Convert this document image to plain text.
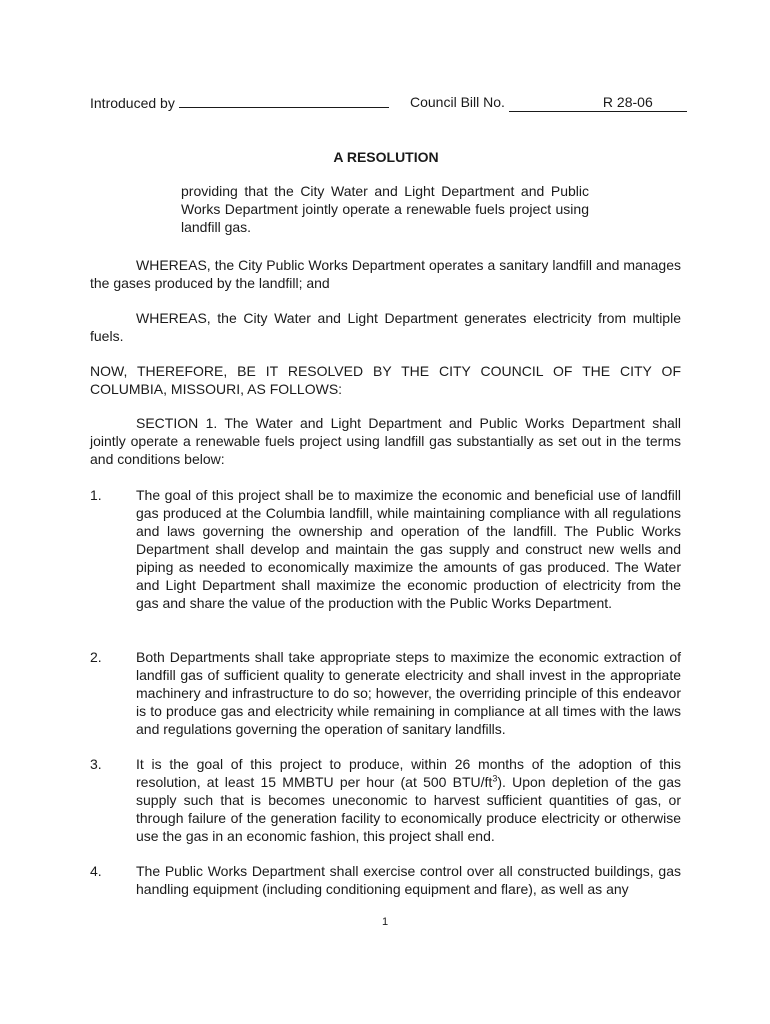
Introduced by	Council Bill No.	R 28-06
A RESOLUTION
providing that the City Water and Light Department and Public Works Department jointly operate a renewable fuels project using landfill gas.
WHEREAS, the City Public Works Department operates a sanitary landfill and manages the gases produced by the landfill; and
WHEREAS, the City Water and Light Department generates electricity from multiple fuels.
NOW, THEREFORE, BE IT RESOLVED BY THE CITY COUNCIL OF THE CITY OF COLUMBIA, MISSOURI, AS FOLLOWS:
SECTION 1. The Water and Light Department and Public Works Department shall jointly operate a renewable fuels project using landfill gas substantially as set out in the terms and conditions below:
1. The goal of this project shall be to maximize the economic and beneficial use of landfill gas produced at the Columbia landfill, while maintaining compliance with all regulations and laws governing the ownership and operation of the landfill. The Public Works Department shall develop and maintain the gas supply and construct new wells and piping as needed to economically maximize the amounts of gas produced. The Water and Light Department shall maximize the economic production of electricity from the gas and share the value of the production with the Public Works Department.
2. Both Departments shall take appropriate steps to maximize the economic extraction of landfill gas of sufficient quality to generate electricity and shall invest in the appropriate machinery and infrastructure to do so; however, the overriding principle of this endeavor is to produce gas and electricity while remaining in compliance at all times with the laws and regulations governing the operation of sanitary landfills.
3. It is the goal of this project to produce, within 26 months of the adoption of this resolution, at least 15 MMBTU per hour (at 500 BTU/$ft^3$). Upon depletion of the gas supply such that is becomes uneconomic to harvest sufficient quantities of gas, or through failure of the generation facility to economically produce electricity or otherwise use the gas in an economic fashion, this project shall end.
4. The Public Works Department shall exercise control over all constructed buildings, gas handling equipment (including conditioning equipment and flare), as well as any
1
